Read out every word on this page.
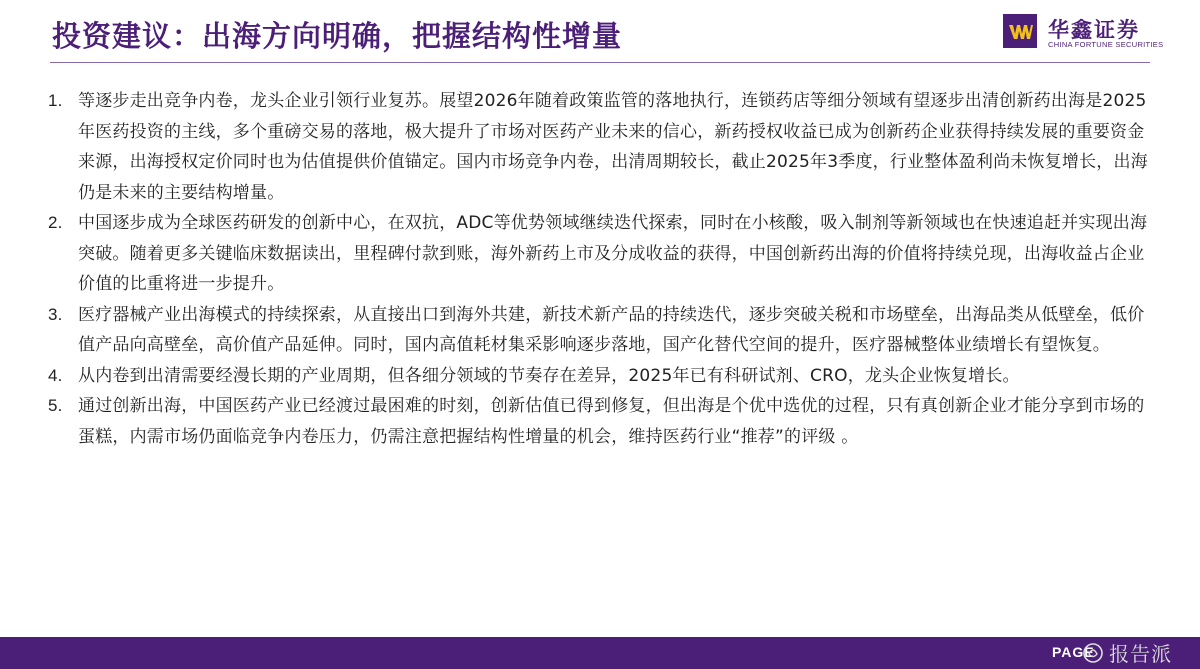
投资建议：出海方向明确，把握结构性增量	华鑫证券
CHINA FORTUNE SECURITIES
1. 等逐步走出竞争内卷，龙头企业引领行业复苏。展望2026年随着政策监管的落地执行，连锁药店等细分领域有望逐步出清创新药出海是2025年医药投资的主线，多个重磅交易的落地，极大提升了市场对医药产业未来的信心，新药授权收益已成为创新药企业获得持续发展的重要资金来源，出海授权定价同时也为估值提供价值锚定。国内市场竞争内卷，出清周期较长，截止2025年3季度，行业整体盈利尚未恢复增长，出海仍是未来的主要结构增量。
2. 中国逐步成为全球医药研发的创新中心，在双抗，ADC等优势领域继续迭代探索，同时在小核酸，吸入制剂等新领域也在快速追赶并实现出海突破。随着更多关键临床数据读出，里程碑付款到账，海外新药上市及分成收益的获得，中国创新药出海的价值将持续兑现，出海收益占企业价值的比重将进一步提升。
3. 医疗器械产业出海模式的持续探索，从直接出口到海外共建，新技术新产品的持续迭代，逐步突破关税和市场壁垒，出海品类从低壁垒，低价值产品向高壁垒，高价值产品延伸。同时，国内高值耗材集采影响逐步落地，国产化替代空间的提升，医疗器械整体业绩增长有望恢复。
4. 从内卷到出清需要经漫长期的产业周期，但各细分领域的节奏存在差异，2025年已有科研试剂、CRO，龙头企业恢复增长。
5. 通过创新出海，中国医药产业已经渡过最困难的时刻，创新估值已得到修复，但出海是个优中选优的过程，只有真创新企业才能分享到市场的蛋糕，内需市场仍面临竞争内卷压力，仍需注意把握结构性增量的机会，维持医药行业“推荐”的评级 。
PAGE 报告派
